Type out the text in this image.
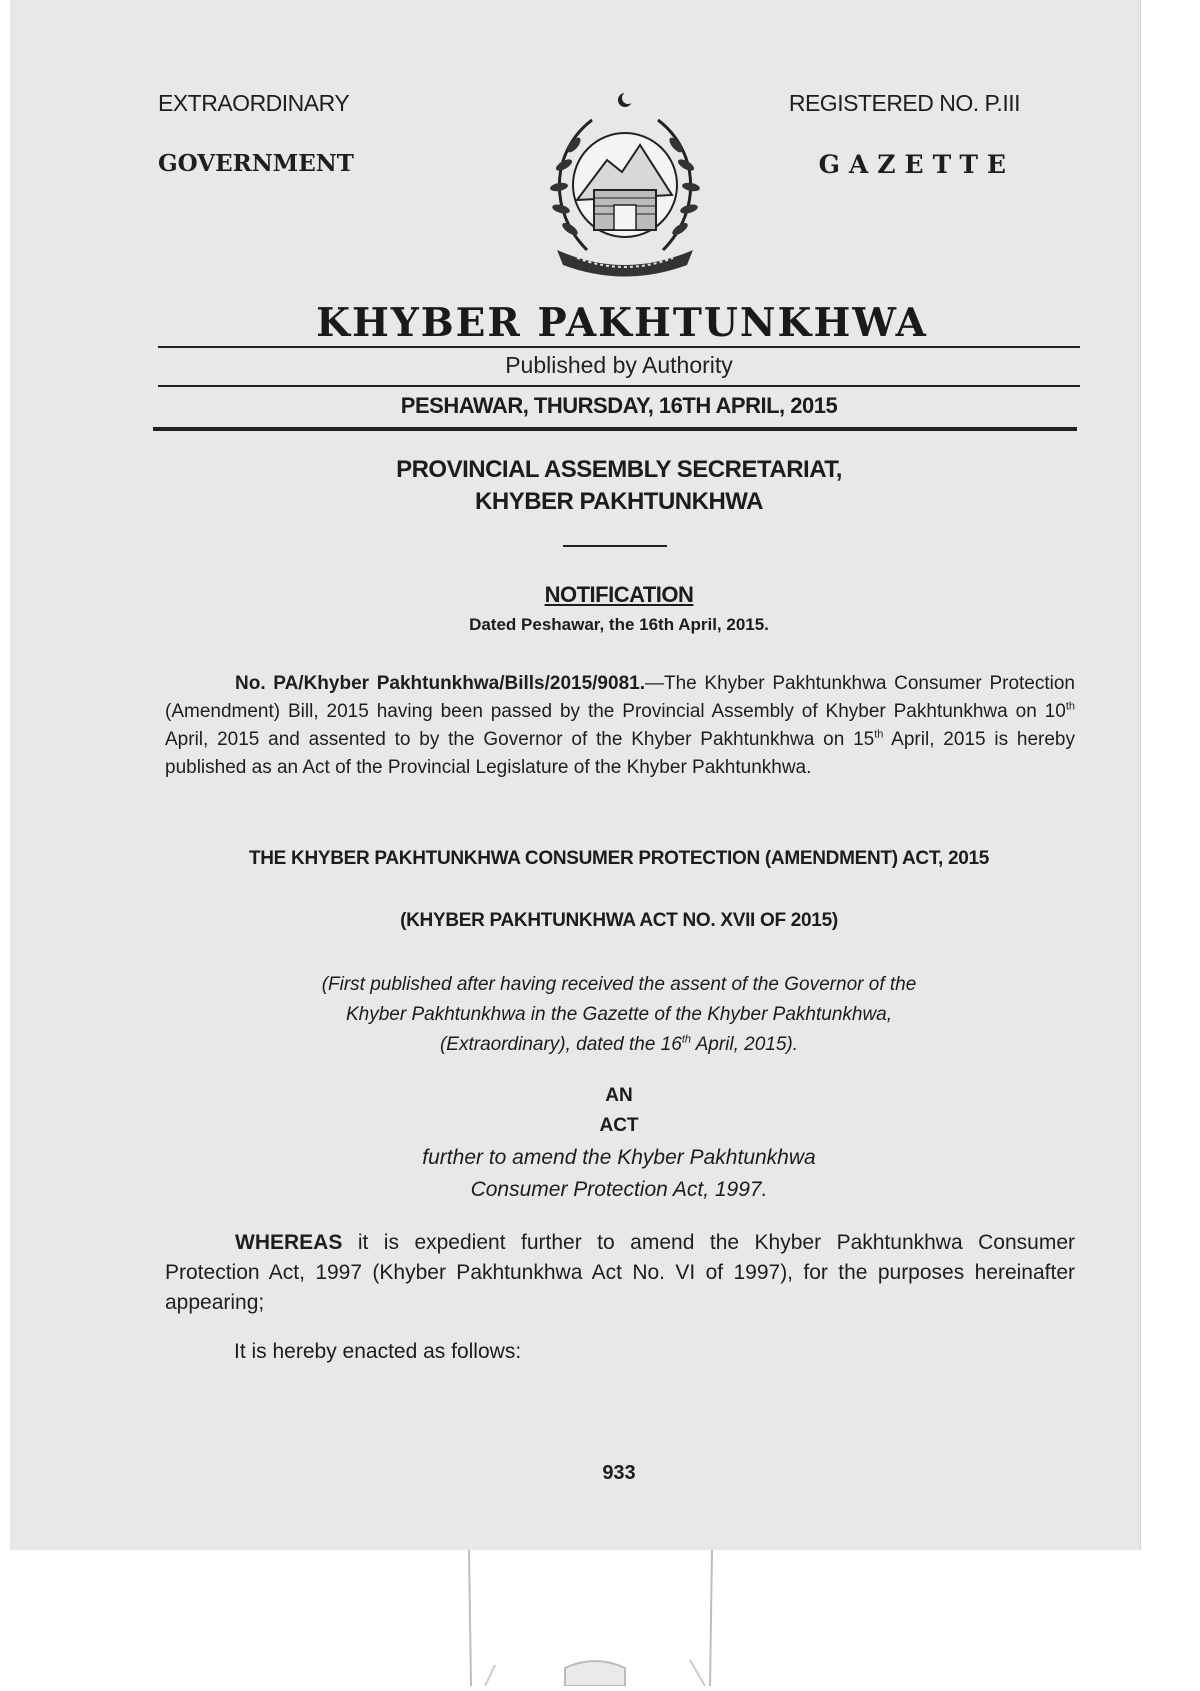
EXTRAORDINARY
GOVERNMENT
REGISTERED NO. P.III
GAZETTE
KHYBER PAKHTUNKHWA
Published by Authority
PESHAWAR, THURSDAY, 16TH APRIL, 2015
PROVINCIAL ASSEMBLY SECRETARIAT,
KHYBER PAKHTUNKHWA
NOTIFICATION
Dated Peshawar, the 16th April, 2015.
No. PA/Khyber Pakhtunkhwa/Bills/2015/9081.—The Khyber Pakhtunkhwa Consumer Protection (Amendment) Bill, 2015 having been passed by the Provincial Assembly of Khyber Pakhtunkhwa on 10th April, 2015 and assented to by the Governor of the Khyber Pakhtunkhwa on 15th April, 2015 is hereby published as an Act of the Provincial Legislature of the Khyber Pakhtunkhwa.
THE KHYBER PAKHTUNKHWA CONSUMER PROTECTION (AMENDMENT) ACT, 2015
(KHYBER PAKHTUNKHWA ACT NO. XVII OF 2015)
(First published after having received the assent of the Governor of the
Khyber Pakhtunkhwa in the Gazette of the Khyber Pakhtunkhwa,
(Extraordinary), dated the 16th April, 2015).
AN
ACT
further to amend the Khyber Pakhtunkhwa
Consumer Protection Act, 1997.
WHEREAS it is expedient further to amend the Khyber Pakhtunkhwa Consumer Protection Act, 1997 (Khyber Pakhtunkhwa Act No. VI of 1997), for the purposes hereinafter appearing;
It is hereby enacted as follows:
933
